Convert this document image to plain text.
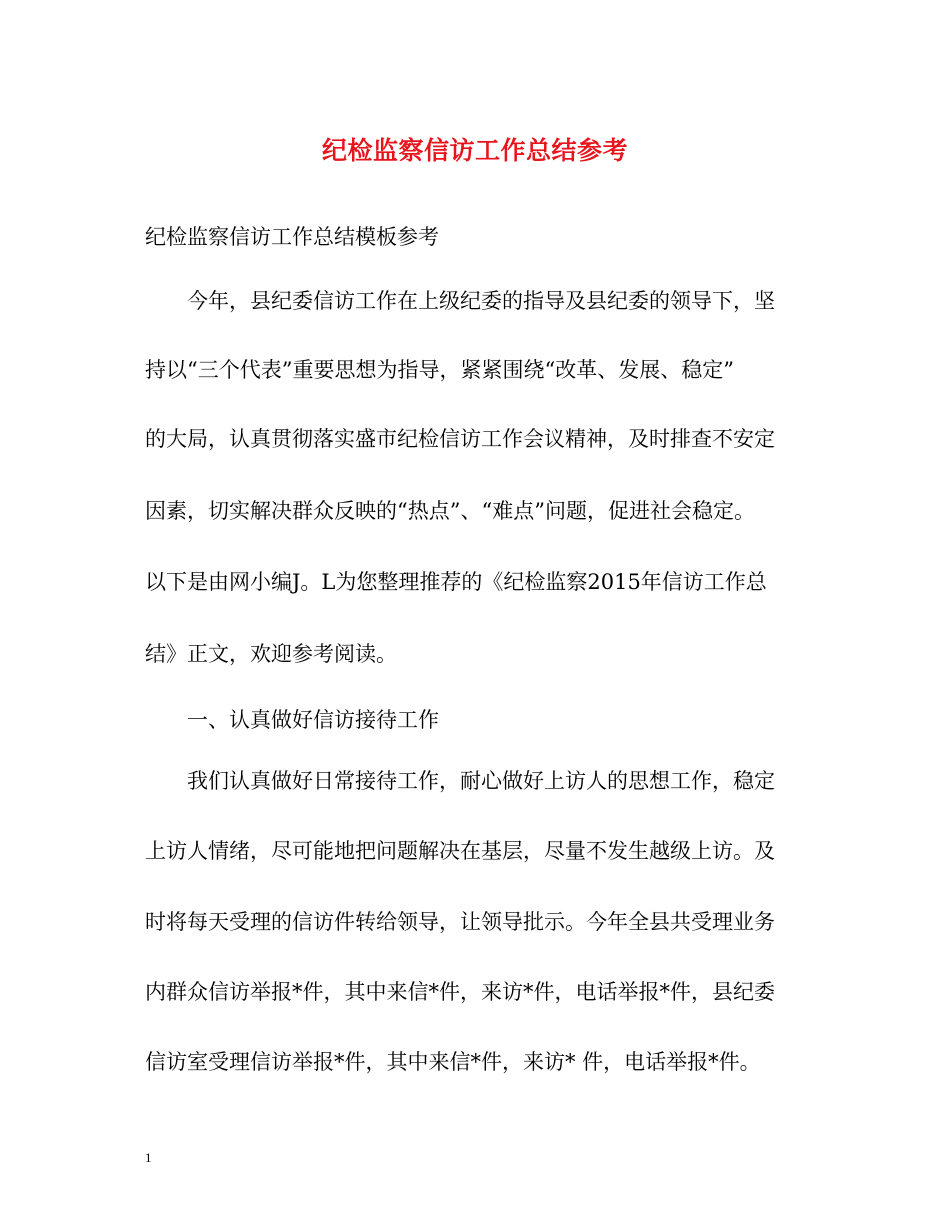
纪检监察信访工作总结参考
纪检监察信访工作总结模板参考
今年，县纪委信访工作在上级纪委的指导及县纪委的领导下，坚
持以“三个代表”重要思想为指导，紧紧围绕“改革、发展、稳定”
的大局，认真贯彻落实盛市纪检信访工作会议精神，及时排查不安定
因素，切实解决群众反映的“热点”、“难点”问题，促进社会稳定。
以下是由网小编J。L为您整理推荐的《纪检监察2015年信访工作总
结》正文，欢迎参考阅读。
一、认真做好信访接待工作
我们认真做好日常接待工作，耐心做好上访人的思想工作，稳定
上访人情绪，尽可能地把问题解决在基层，尽量不发生越级上访。及
时将每天受理的信访件转给领导，让领导批示。今年全县共受理业务
内群众信访举报*件，其中来信*件，来访*件，电话举报*件，县纪委
信访室受理信访举报*件，其中来信*件，来访* 件，电话举报*件。
1
